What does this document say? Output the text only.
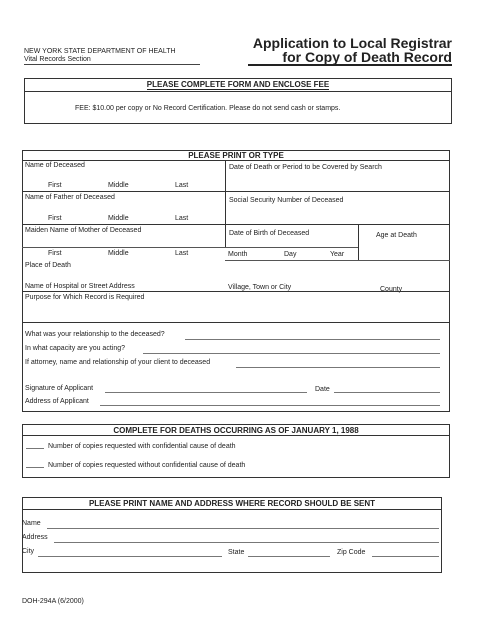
NEW YORK STATE DEPARTMENT OF HEALTH
Vital Records Section
Application to Local Registrar
for Copy of Death Record
PLEASE COMPLETE FORM AND ENCLOSE FEE
FEE: $10.00 per copy or No Record Certification. Please do not send cash or stamps.
PLEASE PRINT OR TYPE
Name of Deceased	Date of Death or Period to be Covered by Search
First	Middle	Last
Name of Father of Deceased	Social Security Number of Deceased
First	Middle	Last
Maiden Name of Mother of Deceased	Date of Birth of Deceased	Age at Death
First	Middle	Last	Month	Day	Year
Place of Death
Name of Hospital or Street Address	Village, Town or City	County
Purpose for Which Record is Required
What was your relationship to the deceased?
In what capacity are you acting?
If attorney, name and relationship of your client to deceased
Signature of Applicant	Date
Address of Applicant
COMPLETE FOR DEATHS OCCURRING AS OF JANUARY 1, 1988
Number of copies requested with confidential cause of death
Number of copies requested without confidential cause of death
PLEASE PRINT NAME AND ADDRESS WHERE RECORD SHOULD BE SENT
Name
Address
City	State	Zip Code
DOH-294A (6/2000)
